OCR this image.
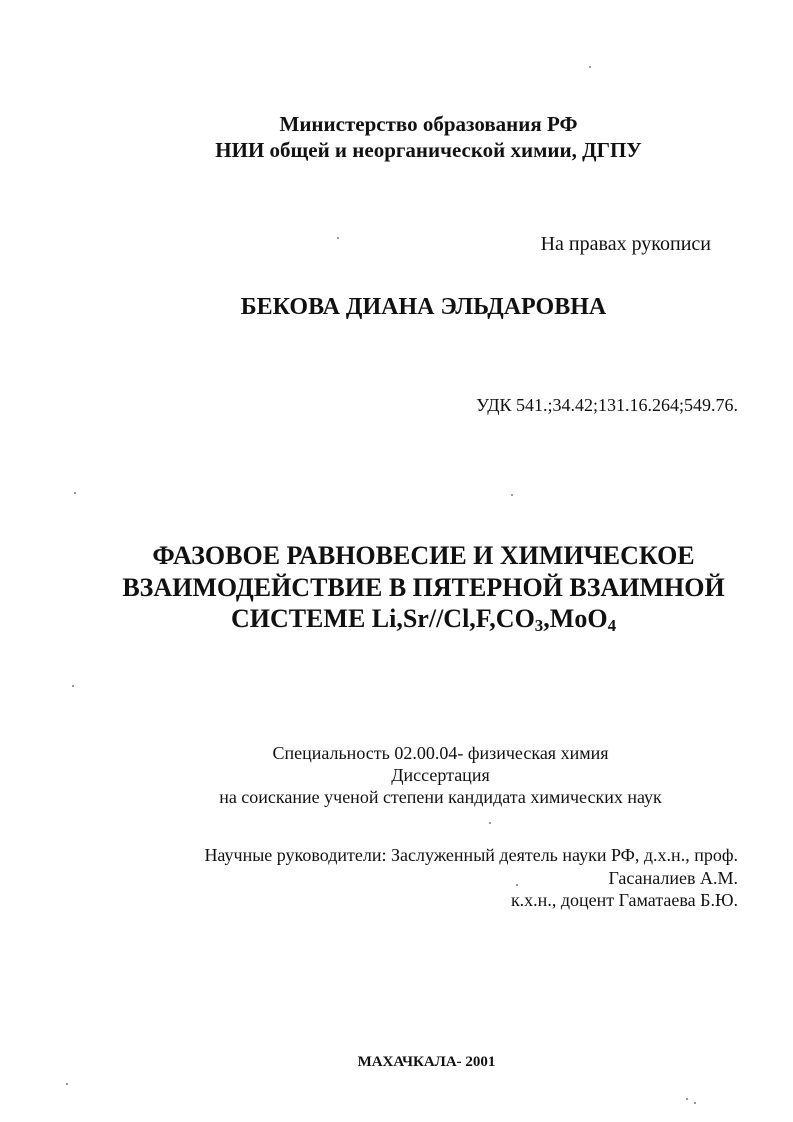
Министерство образования РФ
НИИ общей и неорганической химии, ДГПУ
На правах рукописи
БЕКОВА ДИАНА ЭЛЬДАРОВНА
УДК 541.;34.42;131.16.264;549.76.
ФАЗОВОЕ РАВНОВЕСИЕ И ХИМИЧЕСКОЕ
ВЗАИМОДЕЙСТВИЕ В ПЯТЕРНОЙ ВЗАИМНОЙ
СИСТЕМЕ $Li,Sr//Cl,F,CO_3,MoO_4$
Специальность 02.00.04- физическая химия
Диссертация
на соискание ученой степени кандидата химических наук
Научные руководители: Заслуженный деятель науки РФ, д.х.н., проф.
Гасаналиев А.М.
к.х.н., доцент Гаматаева Б.Ю.
МАХАЧКАЛА- 2001
